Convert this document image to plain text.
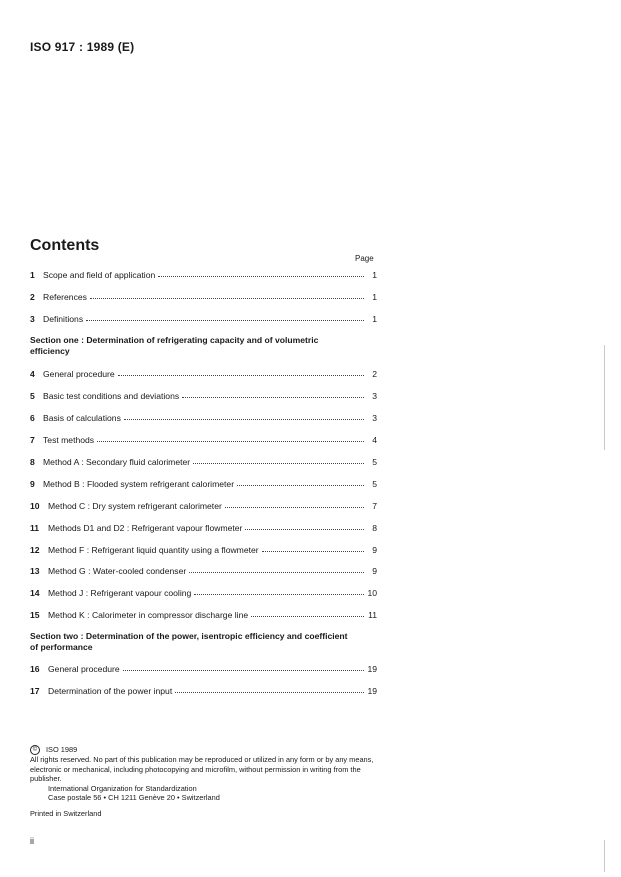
ISO 917 : 1989 (E)
Contents
Page
1 Scope and field of application	1
2 References	1
3 Definitions	1
Section one : Determination of refrigerating capacity and of volumetric efficiency
4 General procedure	2
5 Basic test conditions and deviations	3
6 Basis of calculations	3
7 Test methods	4
8 Method A : Secondary fluid calorimeter	5
9 Method B : Flooded system refrigerant calorimeter	5
10 Method C : Dry system refrigerant calorimeter	7
11	Methods D1 and D2 : Refrigerant vapour flowmeter	8
12 Method F : Refrigerant liquid quantity using a flowmeter	9
13 Method G : Water-cooled condenser	9
14 Method J : Refrigerant vapour cooling	10
15 Method K : Calorimeter in compressor discharge line	11
Section two : Determination of the power, isentropic efficiency and coefficient of performance
16 General procedure	19
17 Determination of the power input	19

©	ISO 1989

All rights reserved. No part of this publication may be reproduced or utilized in any form or by any means, electronic or mechanical, including photocopying and microfilm, without permission in writing from the publisher.

International Organization for Standardization

Case postale 56 • CH 1211 Genève 20 • Switzerland

Printed in Switzerland

ii
